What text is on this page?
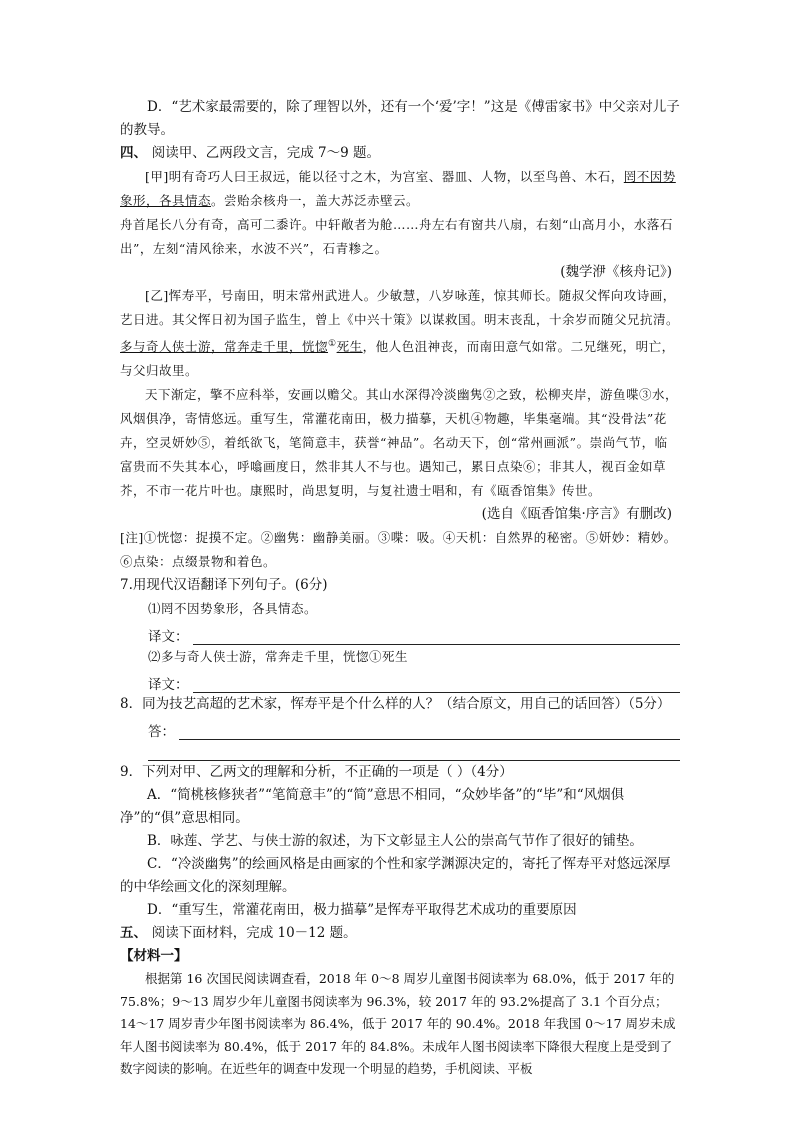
D．“艺术家最需要的，除了理智以外，还有一个‘爱’字！”这是《傅雷家书》中父亲对儿子的教导。

四、 阅读甲、乙两段文言，完成 7～9 题。

[甲]明有奇巧人曰王叔远，能以径寸之木，为宫室、器皿、人物，以至鸟兽、木石，罔不因势象形，各具情态。尝贻余核舟一，盖大苏泛赤壁云。

舟首尾长八分有奇，高可二黍许。中轩敞者为舱……舟左右有窗共八扇，右刻“山高月小，水落石出”，左刻“清风徐来，水波不兴”，石青糁之。

(魏学洢《核舟记》)

[乙]恽寿平，号南田，明末常州武进人。少敏慧，八岁咏莲，惊其师长。随叔父恽向攻诗画，艺日进。其父恽日初为国子监生，曾上《中兴十策》以谋救国。明末丧乱，十余岁而随父兄抗清。多与奇人侠士游，常奔走千里，恍惚①死生，他人色沮神丧，而南田意气如常。二兄继死，明亡，与父归故里。

天下渐定，擎不应科举，安画以赡父。其山水深得冷淡幽隽②之致，松柳夹岸，游鱼喋③水，风烟俱净，寄情悠远。重写生，常灌花南田，极力描摹，天机④物趣，毕集毫端。其“没骨法”花卉，空灵妍妙⑤，着纸欲飞，笔简意丰，获誉“神品”。名动天下，创“常州画派”。崇尚气节，临富贵而不失其本心，呼噏画度日，然非其人不与也。遇知己，累日点染⑥；非其人，视百金如草芥，不市一花片叶也。康熙时，尚思复明，与复社遗士唱和，有《瓯香馆集》传世。

(选自《瓯香馆集·序言》有删改)

[注]①恍惚：捉摸不定。②幽隽：幽静美丽。③喋：吸。④天机：自然界的秘密。⑤妍妙：精妙。⑥点染：点缀景物和着色。

7.用现代汉语翻译下列句子。(6分)

⑴罔不因势象形，各具情态。

译文：

⑵多与奇人侠士游，常奔走千里，恍惚①死生

译文：

8．同为技艺高超的艺术家，恽寿平是个什么样的人？（结合原文，用自己的话回答）（5分）

答：

9．下列对甲、乙两文的理解和分析，不正确的一项是（ ）（4分）

A．“简桃核修狭者”“笔简意丰”的“简”意思不相同，“众妙毕备”的“毕”和“风烟俱净”的“俱”意思相同。

B．咏莲、学艺、与侠士游的叙述，为下文彰显主人公的崇高气节作了很好的铺垫。

C．“冷淡幽隽”的绘画风格是由画家的个性和家学渊源决定的，寄托了恽寿平对悠远深厚的中华绘画文化的深刻理解。

D．“重写生，常灌花南田，极力描摹”是恽寿平取得艺术成功的重要原因

五、 阅读下面材料，完成 10－12 题。

【材料一】

根据第 16 次国民阅读调查看，2018 年 0～8 周岁儿童图书阅读率为 68.0%，低于 2017 年的 75.8%；9～13 周岁少年儿童图书阅读率为 96.3%，较 2017 年的 93.2%提高了 3.1 个百分点；14～17 周岁青少年图书阅读率为 86.4%，低于 2017 年的 90.4%。2018 年我国 0～17 周岁未成年人图书阅读率为 80.4%，低于 2017 年的 84.8%。未成年人图书阅读率下降很大程度上是受到了数字阅读的影响。在近些年的调查中发现一个明显的趋势，手机阅读、平板
